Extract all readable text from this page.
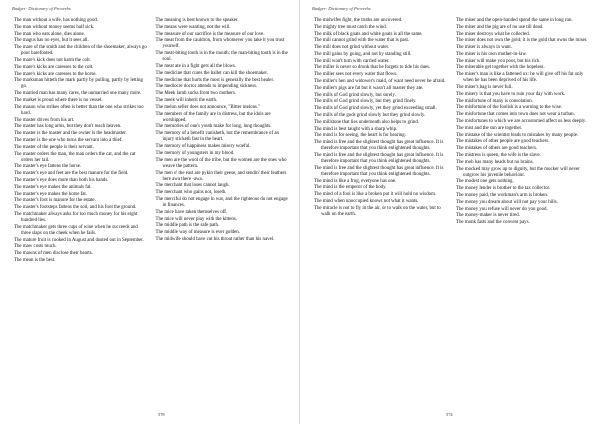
Badger: Dictionary of Proverbs
The man without a wife, has nothing good.
The man without money seems half sick.
The man who eats alone, dies alone.
The magus has no eyes, but it sees all.
The mare of the smith and the children of the shoemaker, always go poor barefooted.
The mare's kick does not harm the colt.
The mare's kicks are caresses to the colt.
The mare's kicks are caresses to the horse.
The marksman hitteth the mark partly by pulling, partly by letting go.
The married man has many cares, the unmarried one many more.
The market is proud where there is no vessel.
The mason who strikes often is better than the one who strikes too hard.
The master drives from his art.
The master has long arms, but they don't reach heaven.
The master is the master and the owner is the headmaster.
The master is the one who turns the servant into a thief.
The master of the people is their servant.
The master orders the man, the man orders the cat, and the cat orders her tail.
The master's eye fattens the horse.
The master's eye and feet are the best manure for the field.
The master's eye does more than both his hands.
The master's eye makes the animals fat.
The master's eye makes the horse fat.
The master's foot is manure for the estate.
The master's footsteps fattens the soil, and his foot the ground.
The matchmaker always asks for too much money for his eight hundred lies.
The matchmaker gets three cups of wine when he succeeds and three slaps on the cheek when he fails.
The mature fruit is cooked in August and dusted out in September.
The maw costs much.
The mawns of men disclose their hearts.
The mean is the best.
The meaning is best known to the speaker.
The means were wanting, not the will.
The measure of our sacrifice is the measure of our love.
The meat from the cauldron, from whomever you take it you trust yourself.
The meat-biting tooth is in the mouth; the man-biting tooth is in the soul.
The meat ate in a fight gets all the blows.
The medicine that cures the ballet can kill the shoemaker.
The medicine that hurts the most is generally the best healer.
The mediocre doctor attends to impending sickness.
The Meek lamb sucks from two mothers.
The meek will inherit the earth.
The melon seller does not announce, "Bitter melons."
The members of the family are in distress, but the idols are worshipped.
The memories of one's youth make for long, long thoughts.
The memory of a benefit vanisheth, but the remembrance of an injury sticketh fast in the heart.
The memory of happiness makes misery woeful.
The memory of youngsters in my blood.
The men are the wool of the tribe, but the women are the ones who weave the pattern.
The men o' the east are pykin their geese, and sendin' their feathers here awa there -awa.
The merchant that loses cannot laugh.
The merchant who gains not, loseth.
The merciful do not engage in war, and the righteous do not engage in finances.
The mice have taken themselves off.
The mice will never play with the kittens.
The middle path is the safe path.
The middle way of measure is ever golden.
The midwife should have cut his throat rather than his navel.
578
Badger: Dictionary of Proverbs
The midwifes fight, the truths are uncovered.
The mighty tree must catch the wind.
The milk of black goats and white goats is all the same.
The mill cannot grind with the water that is past.
The mill does not grind without water.
The mill gains by going, and not by standing still.
The mill won't turn with carried water.
The miller is never so drunk that he forgets to tide his dues.
The miller sees not every water that flows.
The miller's hen and widower's maid, of want need never be afraid.
The miller's pigs are fat but it wasn't all master they ate.
The mills of God grind slowly, but surely.
The mills of God grind slowly, but they grind finely.
The mills of God grind slowly, yet they grind exceeding small.
The mills of the gods grind slowly but they grind slowly.
The millstone that lies underneath also helps to grind.
The mind is best taught with a sharp whip.
The mind is for seeing, the heart is for hearing.
The mind is free and the slightest thought has great influence. It is therefore important that you think enlightened thoughts.
The mind is free and the slightest thought has great influence. It is therefore important that you think enlightened thoughts.
The mind is free and the slightest thought has great influence. It is therefore important that you think enlightened thoughts.
The mind is like a frog, everyone has one.
The mind is the emperor of the body.
The mind of a fool is like a broken pot it will hold no wisdom.
The mind when unoccupied knows not what it wants.
The miracle is not to fly in the air, or to walk on the water, but to walk on the earth.
The miser and the open-handed spend the same in long run.
The miser and the pig are of no use till dead.
The miser destroys what he collected.
The miser does not own the gold; it is the gold that owns the miser.
The miser is always in want.
The miser is his own mother-in-law.
The miser will make you poor, but his rich.
The miserable get together with the hopeless.
The miser's man is like a fattened ox: he will give off his fat only when he has been deprived of his life.
The miser's bag is never full.
The misery is that you have to ruin your day with work.
The misfortune of many is consolation.
The misfortune of the foolish is a warning to the wise.
The misfortune that comes into town does not wear a turban.
The misfortunes to which we are accustomed affect us less deeply.
The mist and the sun are together.
The mistake of the scientist leads to mistakes by many people.
The mistakes of other people are good teachers.
The mistakes of others are good teachers.
The mistress is queen, the wife is the slave.
The mob has many heads but no brains.
The mocked may grow up to dignity, but the mocker will never outgrow his juvenile behaviour.
The modest one gets nothing.
The money lender is brother to the tax collector.
The money paid, the workman's arm is broken.
The money you dream about will not pay your bills.
The money you refuse will never do you good.
The money-maker is never tired.
The monk fasts and the convent pays.
574
